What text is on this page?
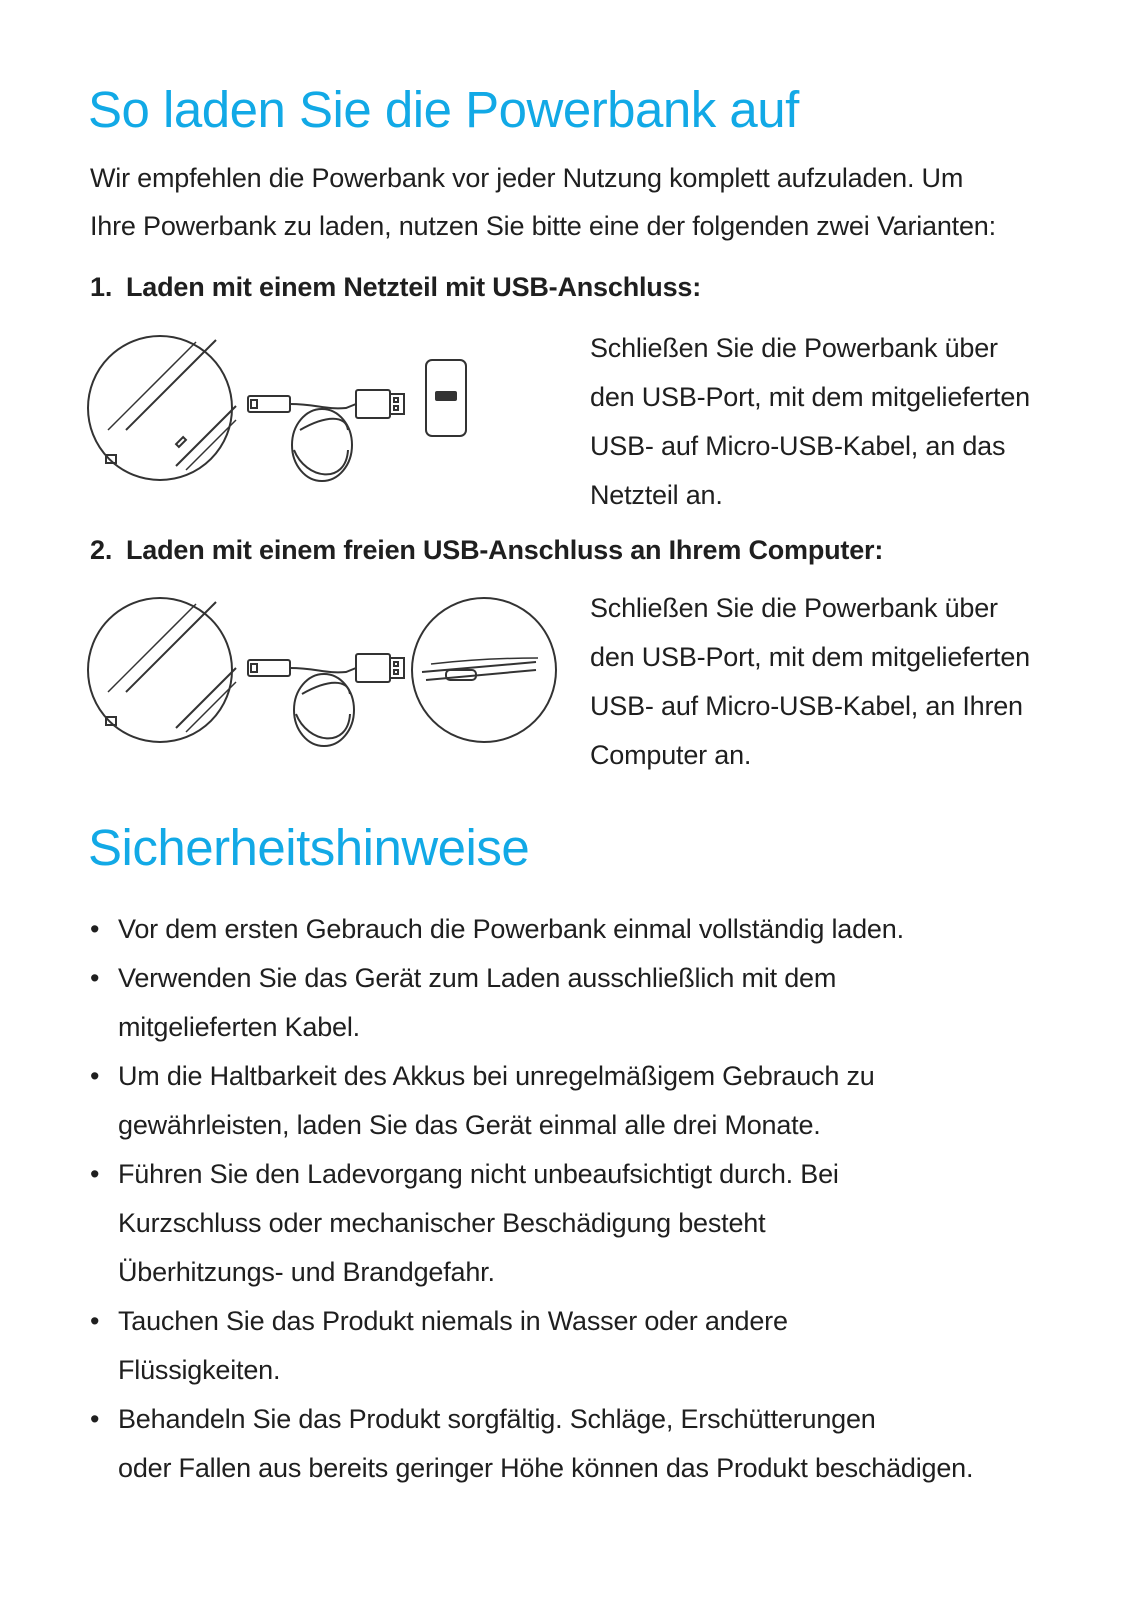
So laden Sie die Powerbank auf
Wir empfehlen die Powerbank vor jeder Nutzung komplett aufzuladen. Um
Ihre Powerbank zu laden, nutzen Sie bitte eine der folgenden zwei Varianten:
1. Laden mit einem Netzteil mit USB-Anschluss:
Schließen Sie die Powerbank über
den USB-Port, mit dem mitgelieferten
USB- auf Micro-USB-Kabel, an das
Netzteil an.
2. Laden mit einem freien USB-Anschluss an Ihrem Computer:
Schließen Sie die Powerbank über
den USB-Port, mit dem mitgelieferten
USB- auf Micro-USB-Kabel, an Ihren
Computer an.
Sicherheitshinweise
• Vor dem ersten Gebrauch die Powerbank einmal vollständig laden.
• Verwenden Sie das Gerät zum Laden ausschließlich mit dem
mitgelieferten Kabel.
• Um die Haltbarkeit des Akkus bei unregelmäßigem Gebrauch zu
gewährleisten, laden Sie das Gerät einmal alle drei Monate.
• Führen Sie den Ladevorgang nicht unbeaufsichtigt durch. Bei
Kurzschluss oder mechanischer Beschädigung besteht
Überhitzungs- und Brandgefahr.
• Tauchen Sie das Produkt niemals in Wasser oder andere
Flüssigkeiten.
• Behandeln Sie das Produkt sorgfältig. Schläge, Erschütterungen
oder Fallen aus bereits geringer Höhe können das Produkt beschädigen.
